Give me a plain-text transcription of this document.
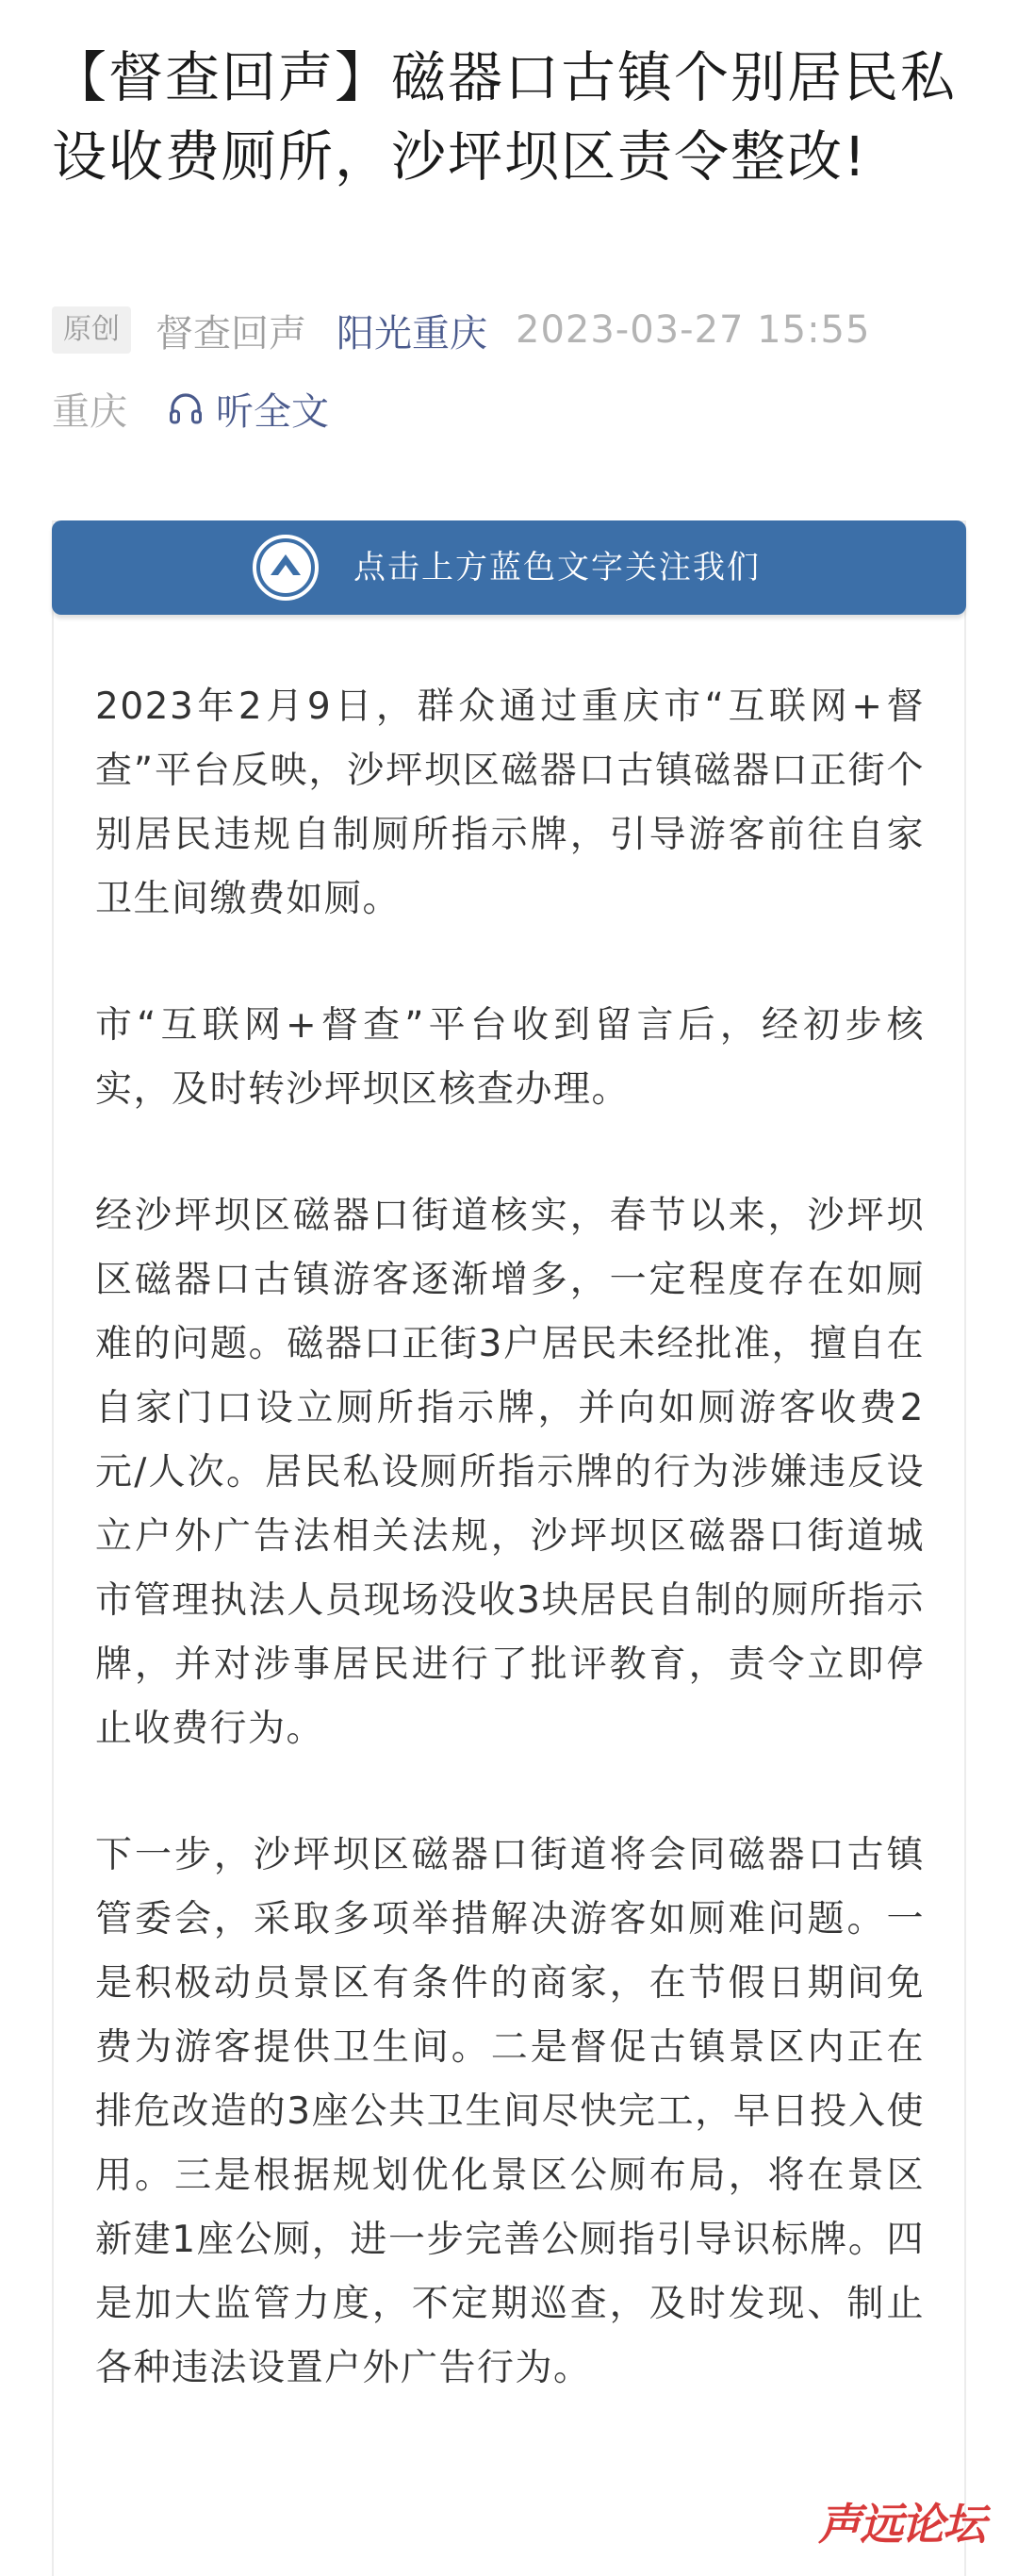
【督查回声】磁器口古镇个别居民私设收费厕所，沙坪坝区责令整改!
原创 督查回声 阳光重庆 2023-03-27 15:55
重庆 听全文
点击上方蓝色文字关注我们

2023年2月9日，群众通过重庆市“互联网+督查”平台反映，沙坪坝区磁器口古镇磁器口正街个别居民违规自制厕所指示牌，引导游客前往自家卫生间缴费如厕。

市“互联网+督查”平台收到留言后，经初步核实，及时转沙坪坝区核查办理。

经沙坪坝区磁器口街道核实，春节以来，沙坪坝区磁器口古镇游客逐渐增多，一定程度存在如厕难的问题。磁器口正街3户居民未经批准，擅自在自家门口设立厕所指示牌，并向如厕游客收费2元/人次。居民私设厕所指示牌的行为涉嫌违反设立户外广告法相关法规，沙坪坝区磁器口街道城市管理执法人员现场没收3块居民自制的厕所指示牌，并对涉事居民进行了批评教育，责令立即停止收费行为。

下一步，沙坪坝区磁器口街道将会同磁器口古镇管委会，采取多项举措解决游客如厕难问题。一是积极动员景区有条件的商家，在节假日期间免费为游客提供卫生间。二是督促古镇景区内正在排危改造的3座公共卫生间尽快完工，早日投入使用。三是根据规划优化景区公厕布局，将在景区新建1座公厕，进一步完善公厕指引导识标牌。四是加大监管力度，不定期巡查，及时发现、制止各种违法设置户外广告行为。

声远论坛
